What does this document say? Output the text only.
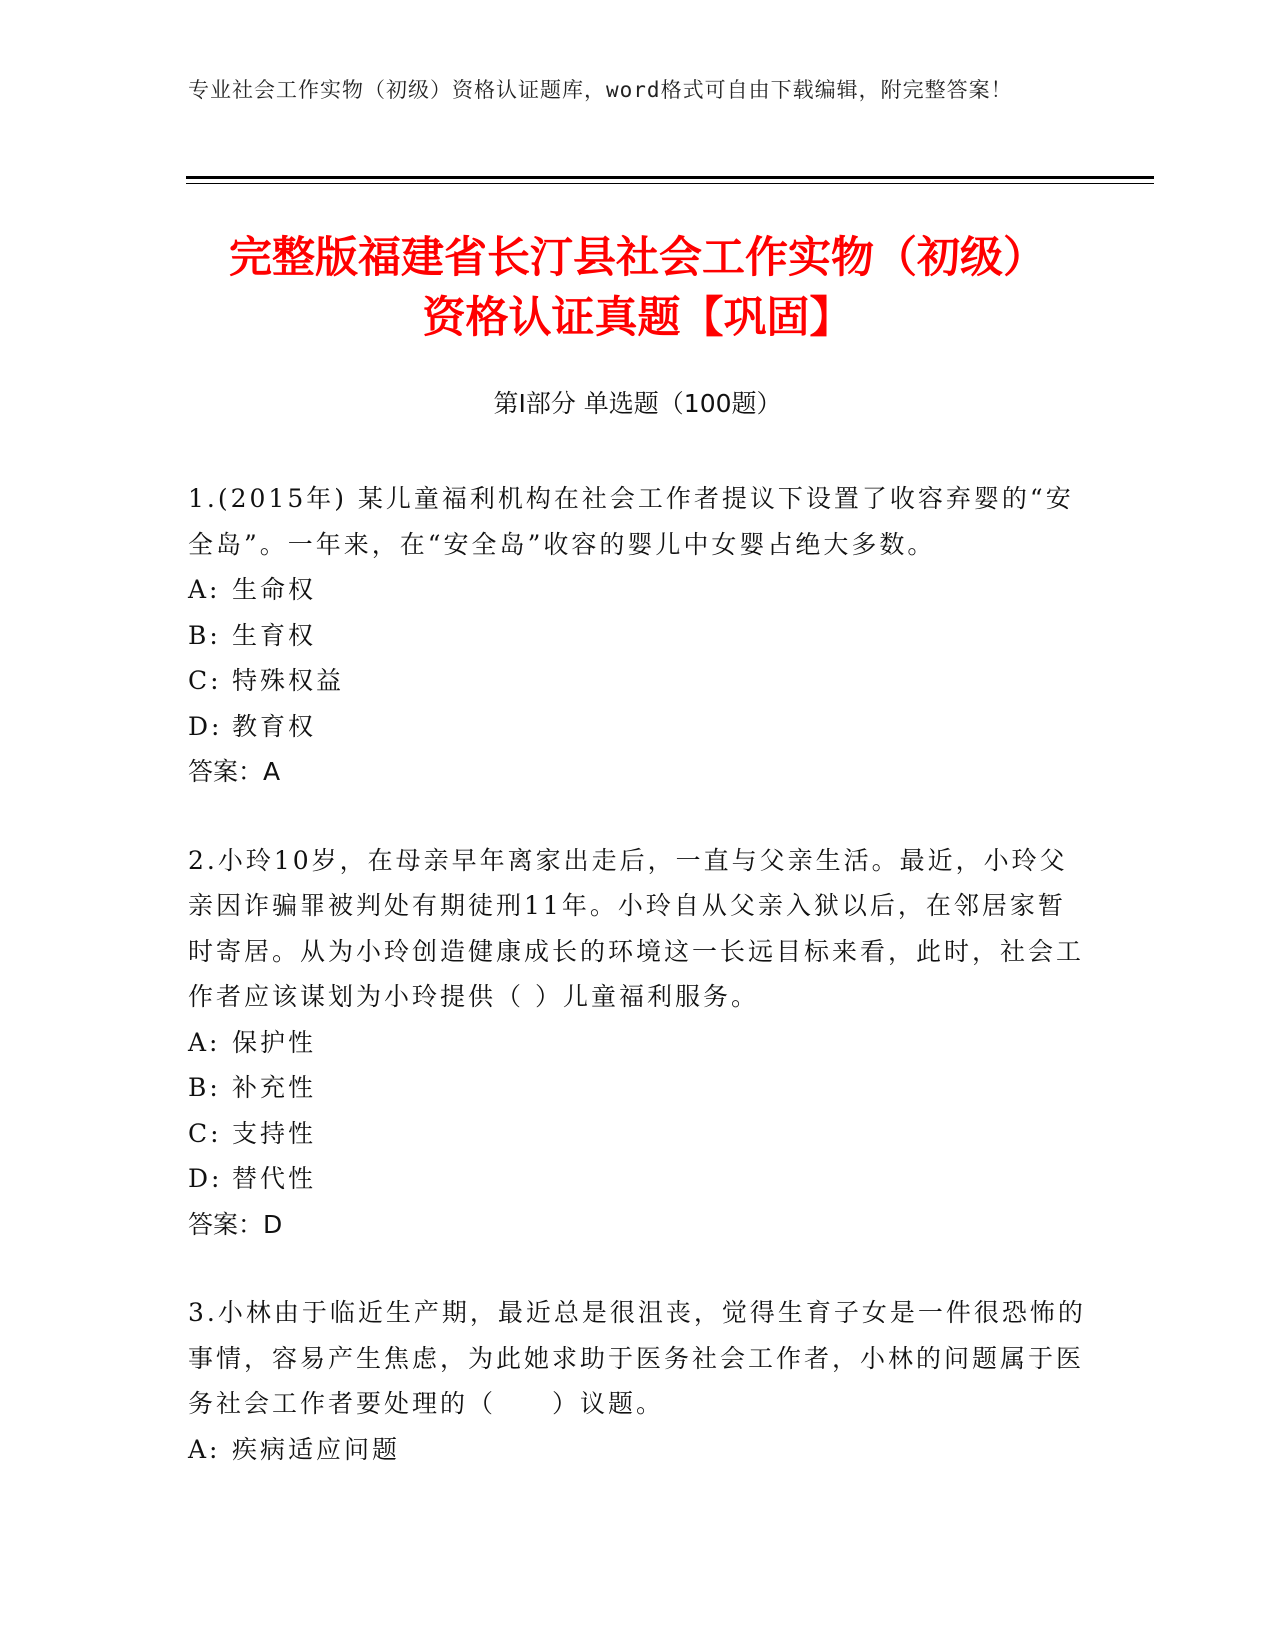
专业社会工作实物（初级）资格认证题库，word格式可自由下载编辑，附完整答案！
完整版福建省长汀县社会工作实物（初级）
资格认证真题【巩固】
第Ⅰ部分 单选题（100题）
1.(2015年) 某儿童福利机构在社会工作者提议下设置了收容弃婴的“安全岛”。一年来，在“安全岛”收容的婴儿中女婴占绝大多数。
A: 生命权
B: 生育权
C: 特殊权益
D: 教育权
答案：A
2.小玲10岁，在母亲早年离家出走后，一直与父亲生活。最近，小玲父亲因诈骗罪被判处有期徒刑11年。小玲自从父亲入狱以后，在邻居家暂时寄居。从为小玲创造健康成长的环境这一长远目标来看，此时，社会工作者应该谋划为小玲提供（ ）儿童福利服务。
A: 保护性
B: 补充性
C: 支持性
D: 替代性
答案：D
3.小林由于临近生产期，最近总是很沮丧，觉得生育子女是一件很恐怖的事情，容易产生焦虑，为此她求助于医务社会工作者，小林的问题属于医务社会工作者要处理的（　　）议题。
A: 疾病适应问题
